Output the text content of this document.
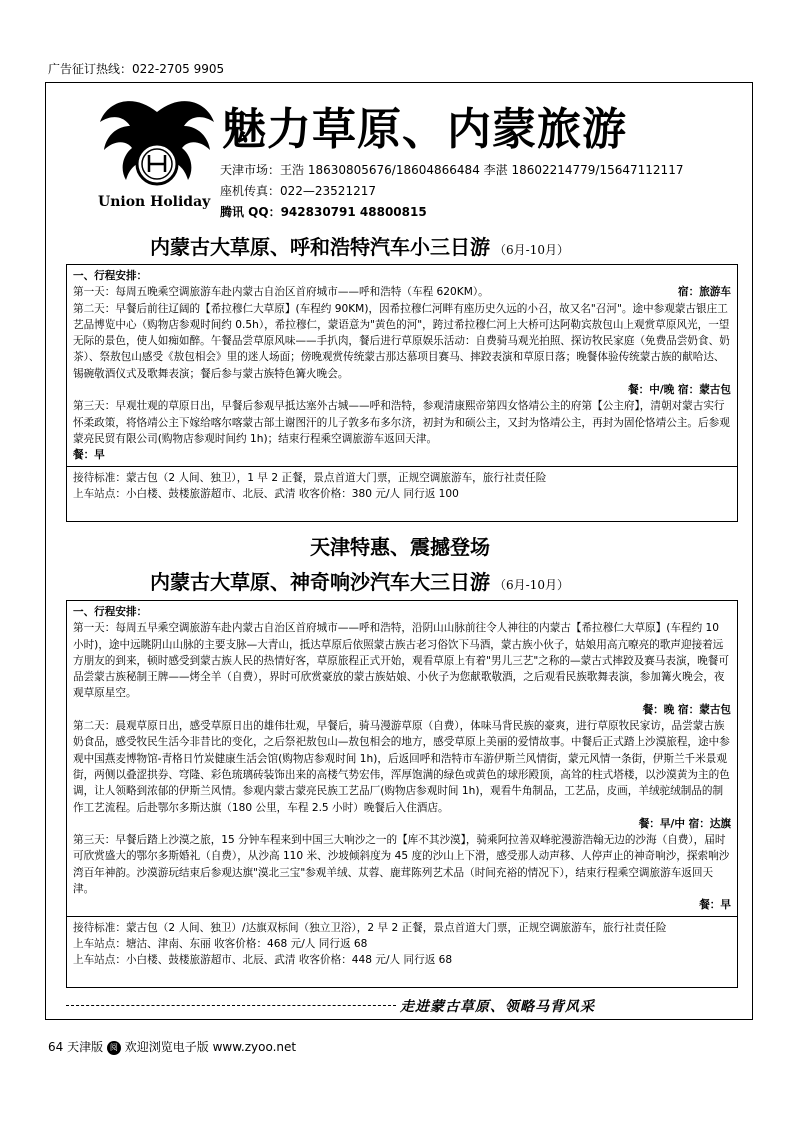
广告征订热线：022-2705 9905
Union Holiday
魅力草原、内蒙旅游
天津市场：王浩 18630805676/18604866484 李湛 18602214779/15647112117
座机传真：022—23521217
腾讯 QQ：942830791 48800815
内蒙古大草原、呼和浩特汽车小三日游 （6月-10月）

一、行程安排：

宿：旅游车
第一天：每周五晚乘空调旅游车赴内蒙古自治区首府城市——呼和浩特（车程 620KM）。

第二天：早餐后前往辽阔的【希拉穆仁大草原】(车程约 90KM)，因希拉穆仁河畔有座历史久远的小召，故又名"召河"。途中参观蒙古银庄工艺品博览中心（购物店参观时间约 0.5h），希拉穆仁，蒙语意为"黄色的河"，跨过希拉穆仁河上大桥可达阿勒宾敖包山上观赏草原风光，一望无际的景色，使人如痴如醉。午餐品尝草原风味——手扒肉，餐后进行草原娱乐活动：自费骑马观光拍照、探访牧民家庭（免费品尝奶食、奶茶）、祭敖包山感受《敖包相会》里的迷人场面；傍晚观赏传统蒙古那达慕项目赛马、摔跤表演和草原日落；晚餐体验传统蒙古族的献哈达、锡碗敬酒仪式及歌舞表演；餐后参与蒙古族特色篝火晚会。

餐：中/晚 宿：蒙古包

第三天：早观壮观的草原日出，早餐后参观早抵达塞外古城——呼和浩特，参观清康熙帝第四女恪靖公主的府第【公主府】，清朝对蒙古实行怀柔政策，将恪靖公主下嫁给喀尔喀蒙古部土谢图汗的儿子敦多布多尔济，初封为和硕公主，又封为恪靖公主，再封为固伦恪靖公主。后参观蒙亮民贸有限公司(购物店参观时间约 1h)；结束行程乘空调旅游车返回天津。

餐：早

接待标准：蒙古包（2 人间、独卫），1 早 2 正餐，景点首道大门票，正规空调旅游车，旅行社责任险

上车站点：小白楼、鼓楼旅游超市、北辰、武清 收客价格：380 元/人 同行返 100

天津特惠、震撼登场
内蒙古大草原、神奇响沙汽车大三日游 （6月-10月）

一、行程安排：

第一天：每周五早乘空调旅游车赴内蒙古自治区首府城市——呼和浩特，沿阴山山脉前往令人神往的内蒙古【希拉穆仁大草原】(车程约 10 小时)，途中远眺阴山山脉的主要支脉—大青山，抵达草原后依照蒙古族古老习俗饮下马酒，蒙古族小伙子，姑娘用高亢嘹亮的歌声迎接着远方朋友的到来，顿时感受到蒙古族人民的热情好客，草原旅程正式开始，观看草原上有着"男儿三艺"之称的—蒙古式摔跤及赛马表演，晚餐可品尝蒙古族秘制王牌——烤全羊（自费），界时可欣赏豪放的蒙古族姑娘、小伙子为您献歌敬酒，之后观看民族歌舞表演，参加篝火晚会，夜观草原星空。

餐：晚 宿：蒙古包

第二天：晨观草原日出，感受草原日出的雄伟壮观，早餐后，骑马漫游草原（自费），体味马背民族的豪爽，进行草原牧民家访，品尝蒙古族奶食品，感受牧民生活今非昔比的变化，之后祭祀敖包山—敖包相会的地方，感受草原上美丽的爱情故事。中餐后正式踏上沙漠旅程，途中参观中国燕麦博物馆-青格日竹炭健康生活会馆(购物店参观时间 1h)，后返回呼和浩特市车游伊斯兰风情街，蒙元风情一条街，伊斯兰千米景观街，两侧以叠涩拱券、穹隆、彩色琉璃砖装饰出来的高楼气势宏伟，浑厚饱满的绿色或黄色的球形殿顶，高耸的柱式塔楼，以沙漠黄为主的色调，让人领略到浓郁的伊斯兰风情。参观内蒙古蒙亮民族工艺品厂(购物店参观时间 1h)，观看牛角制品，工艺品，皮画，羊绒驼绒制品的制作工艺流程。后赴鄂尔多斯达旗（180 公里，车程 2.5 小时）晚餐后入住酒店。

餐：早/中 宿：达旗

第三天：早餐后踏上沙漠之旅，15 分钟车程来到中国三大响沙之一的【库不其沙漠】，骑乘阿拉善双峰驼漫游浩翰无边的沙海（自费），届时可欣赏盛大的鄂尔多斯婚礼（自费），从沙高 110 米、沙坡倾斜度为 45 度的沙山上下滑，感受那人动声移、人停声止的神奇响沙，探索响沙湾百年神韵。沙漠游玩结束后参观达旗"漠北三宝"参观羊绒、苁蓉、鹿茸陈列艺术品（时间充裕的情况下），结束行程乘空调旅游车返回天津。

餐：早

接待标准：蒙古包（2 人间、独卫）/达旗双标间（独立卫浴），2 早 2 正餐，景点首道大门票，正规空调旅游车，旅行社责任险

上车站点：塘沽、津南、东丽 收客价格：468 元/人 同行返 68

上车站点：小白楼、鼓楼旅游超市、北辰、武清 收客价格：448 元/人 同行返 68

走进蒙古草原、领略马背风采
64 天津版 阅 欢迎浏览电子版 www.zyoo.net
